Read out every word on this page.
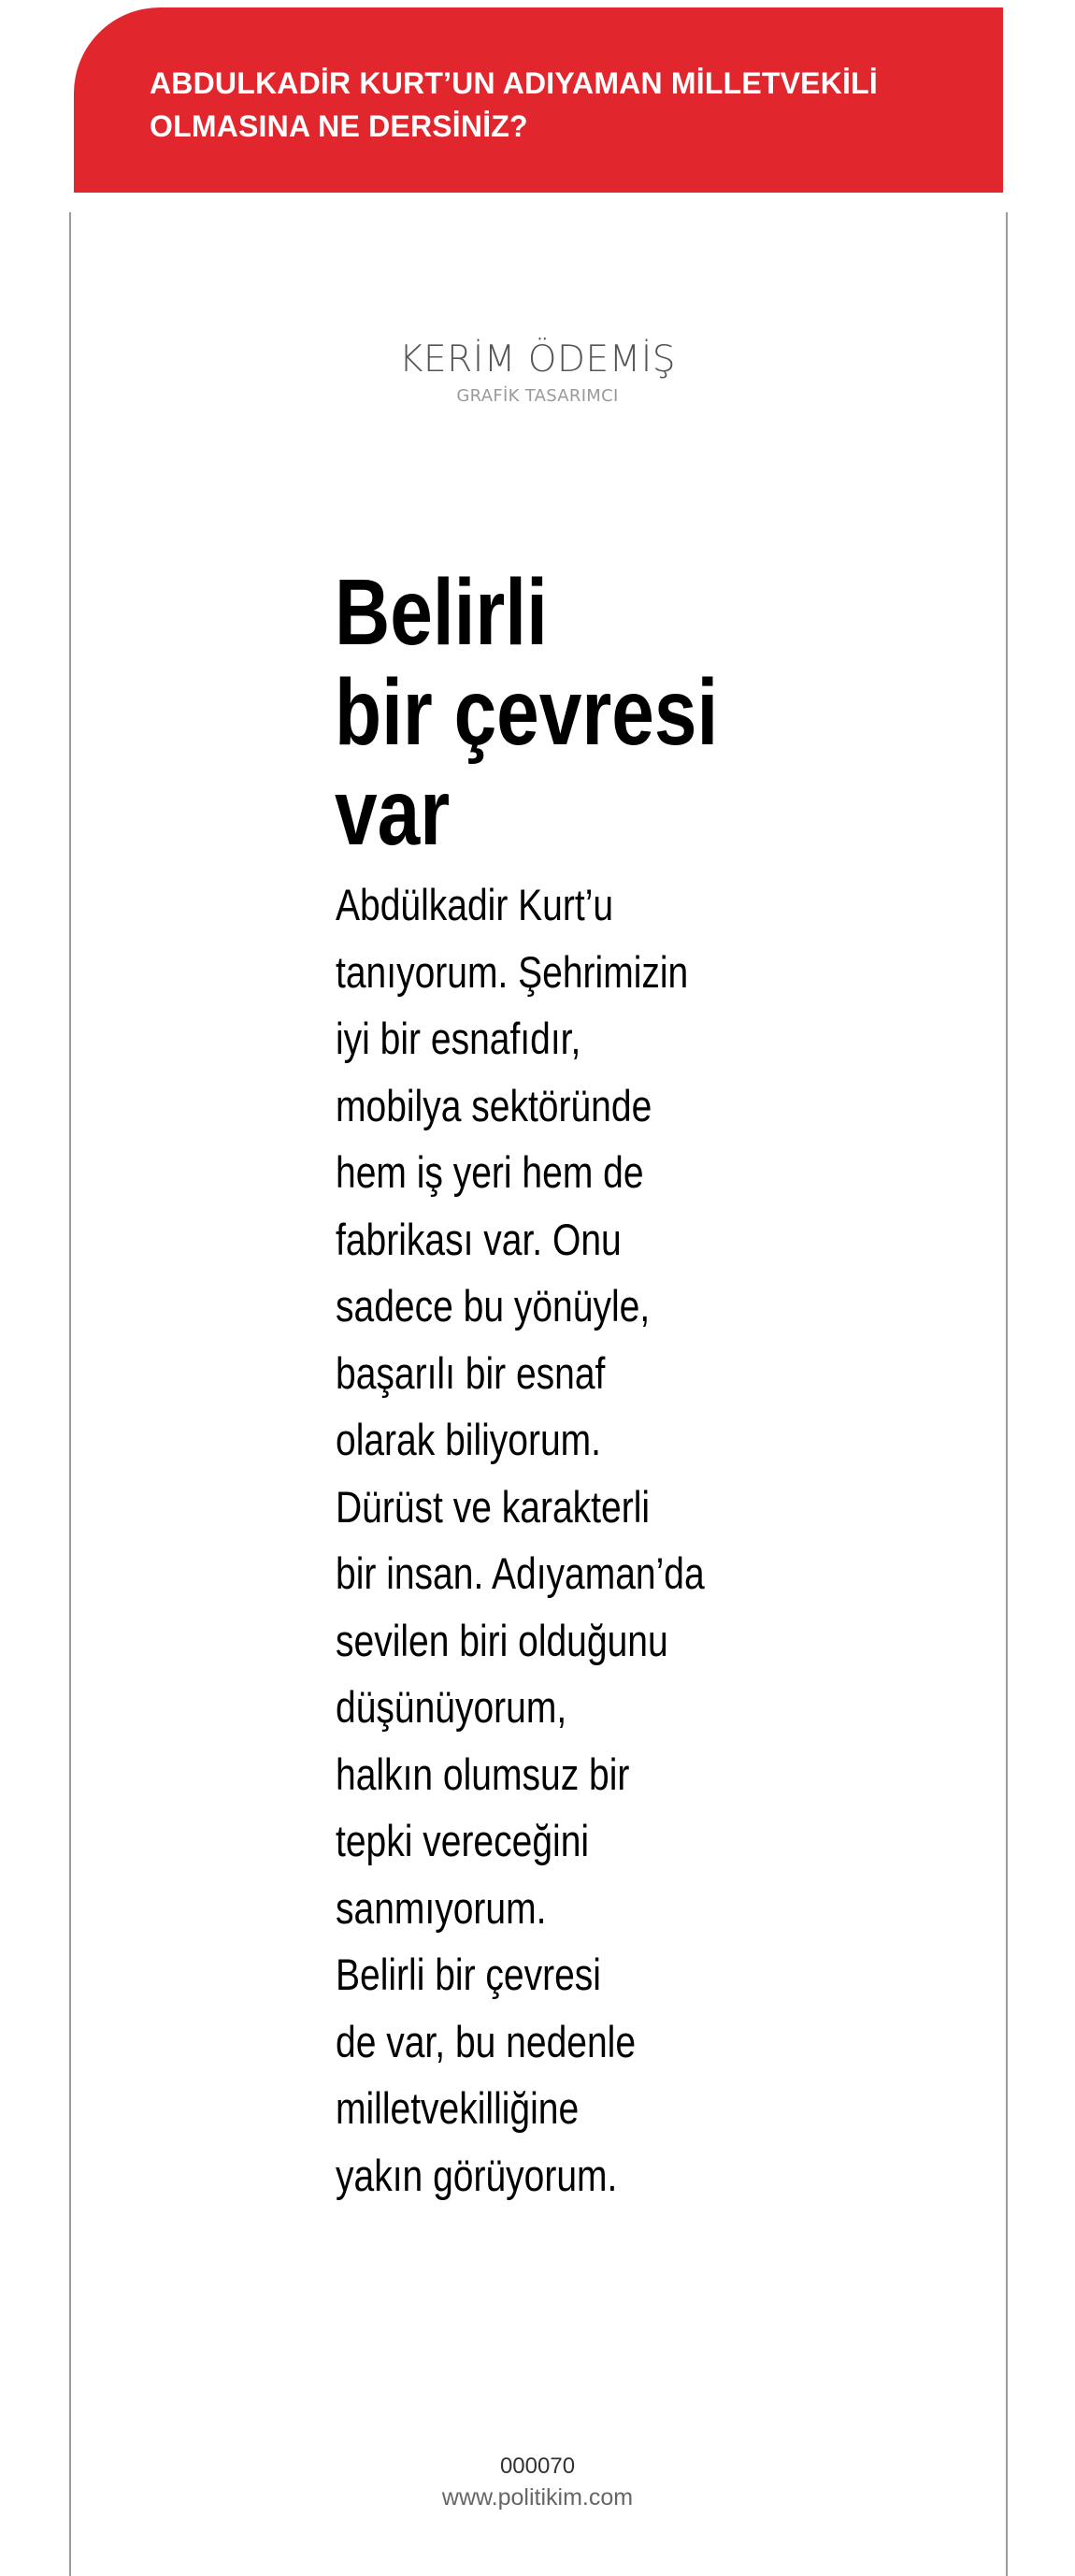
ABDULKADİR KURT’UN ADIYAMAN MİLLETVEKİLİ
OLMASINA NE DERSİNİZ?
KERİM ÖDEMİŞ
GRAFİK TASARIMCI
Belirli
bir çevresi
var
Abdülkadir Kurt’u
tanıyorum. Şehrimizin
iyi bir esnafıdır,
mobilya sektöründe
hem iş yeri hem de
fabrikası var. Onu
sadece bu yönüyle,
başarılı bir esnaf
olarak biliyorum.
Dürüst ve karakterli
bir insan. Adıyaman’da
sevilen biri olduğunu
düşünüyorum,
halkın olumsuz bir
tepki vereceğini
sanmıyorum.
Belirli bir çevresi
de var, bu nedenle
milletvekilliğine
yakın görüyorum.
000070
www.politikim.com
